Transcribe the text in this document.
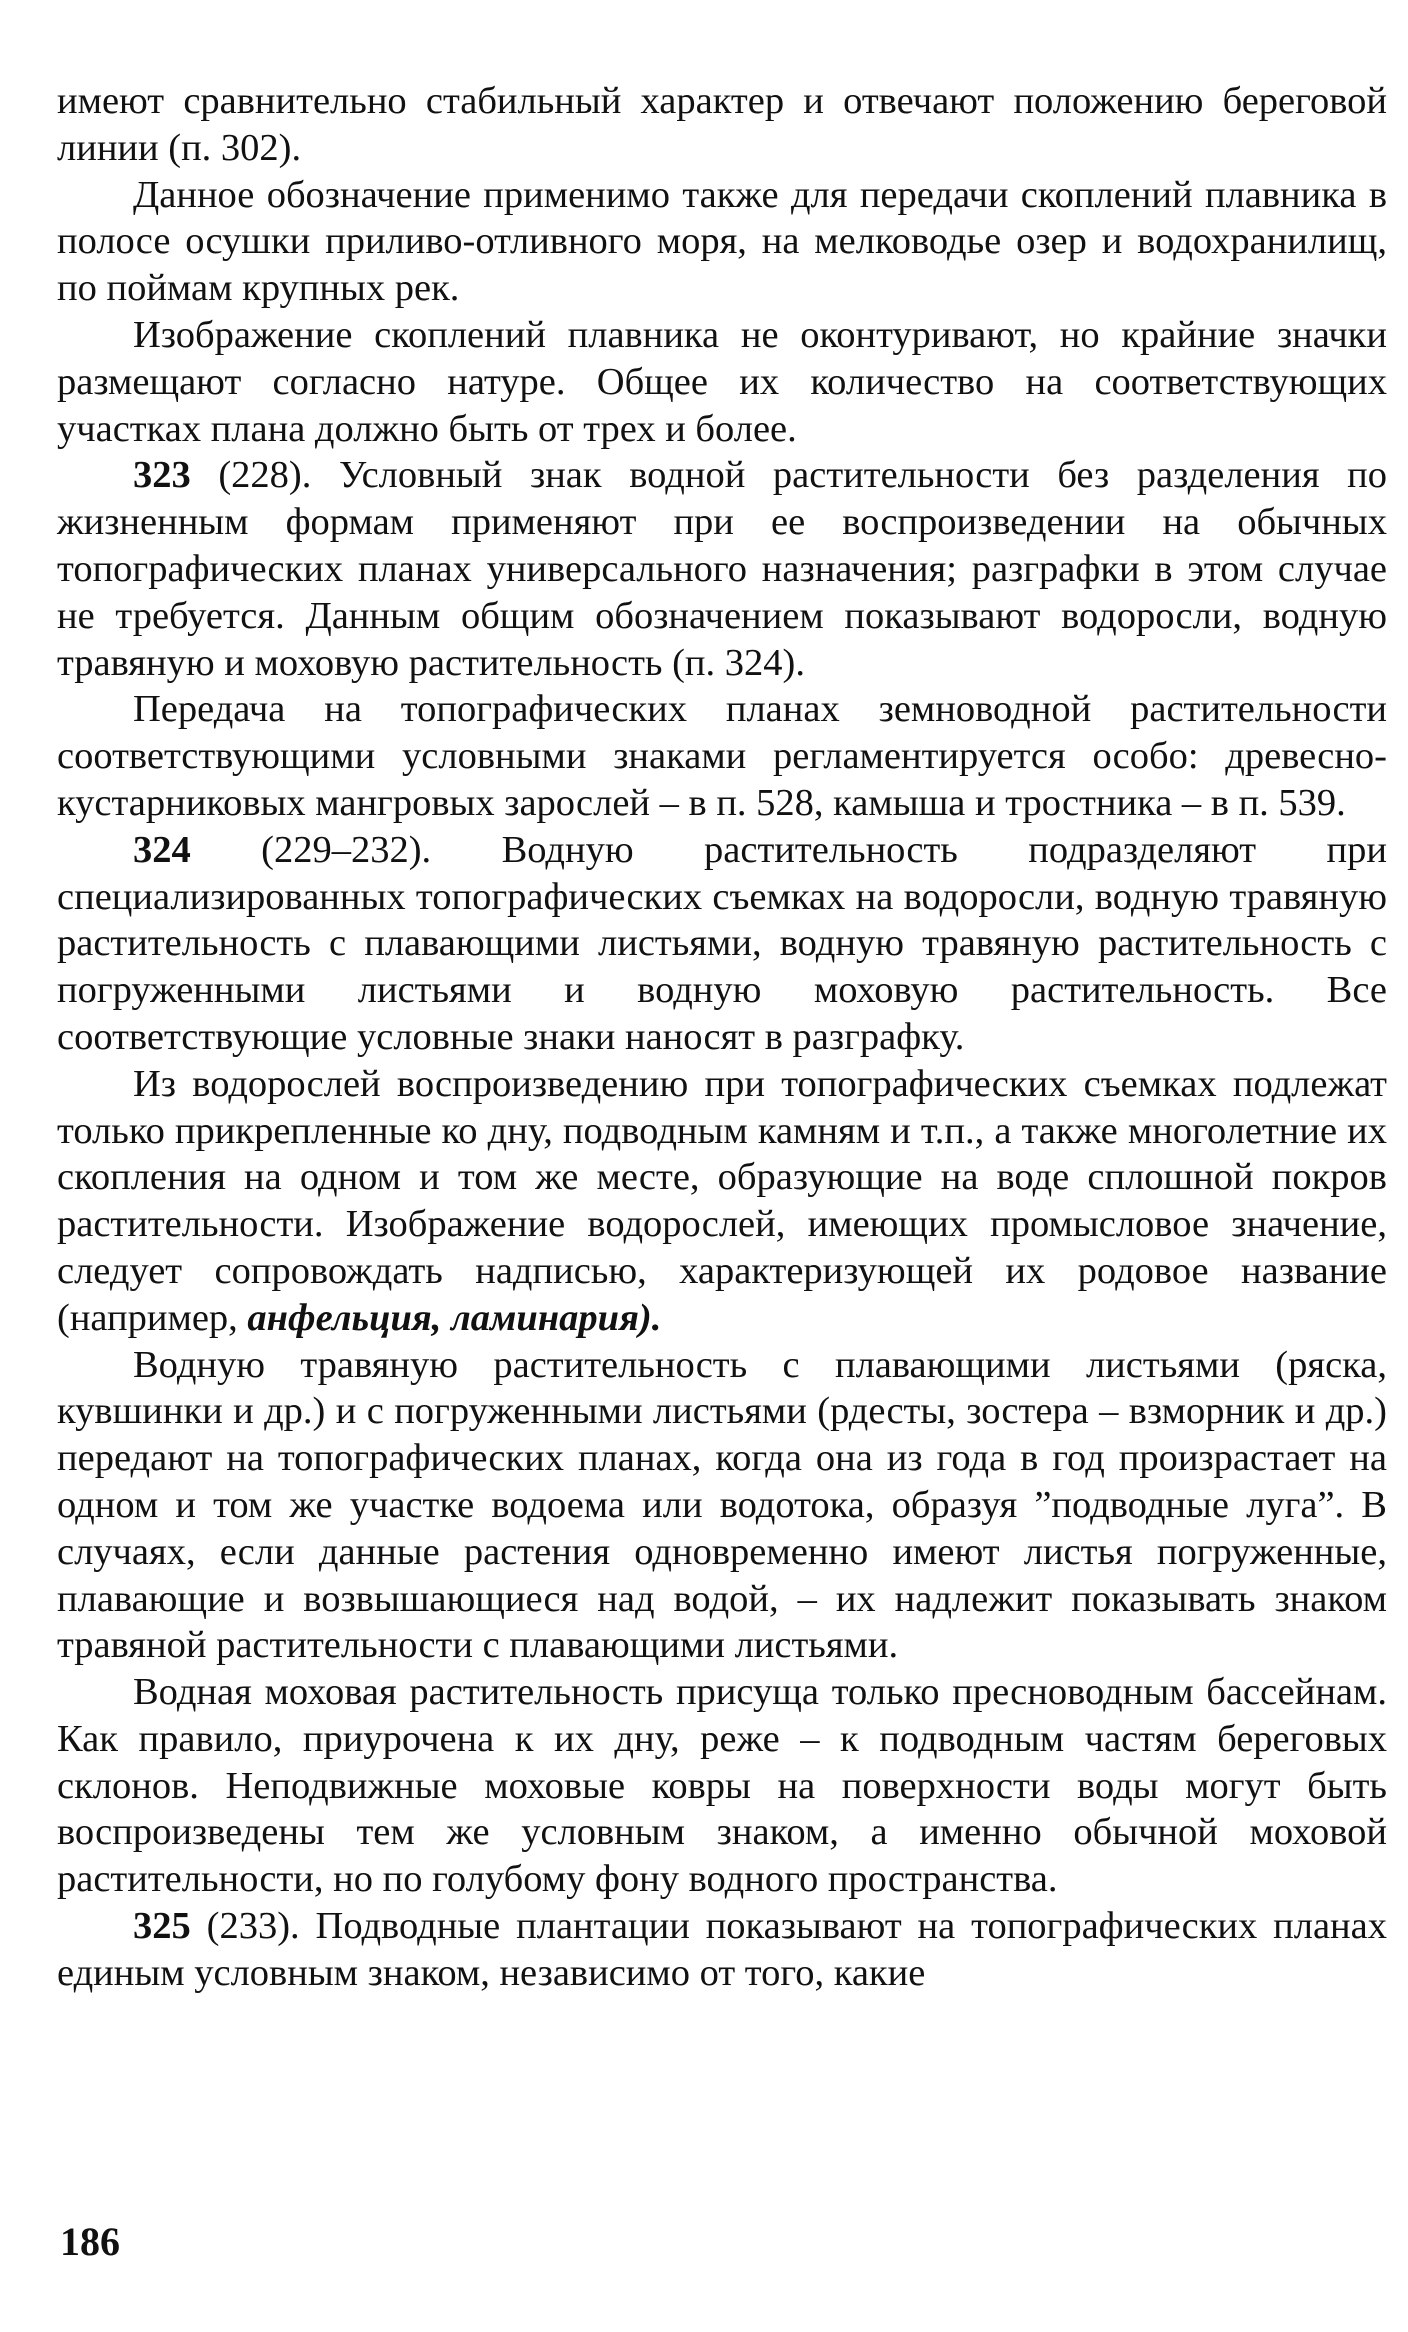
имеют сравнительно стабильный характер и отвечают положению береговой линии (п. 302).

Данное обозначение применимо также для передачи скоплений плавника в полосе осушки приливо-отливного моря, на мелководье озер и водохранилищ, по поймам крупных рек.

Изображение скоплений плавника не оконтуривают, но крайние значки размещают согласно натуре. Общее их количество на соответствующих участках плана должно быть от трех и более.

323 (228). Условный знак водной растительности без разделения по жизненным формам применяют при ее воспроизведении на обычных топографических планах универсального назначения; разграфки в этом случае не требуется. Данным общим обозначением показывают водоросли, водную травяную и моховую растительность (п. 324).

Передача на топографических планах земноводной растительности соответствующими условными знаками регламентируется особо: древесно-кустарниковых мангровых зарослей – в п. 528, камыша и тростника – в п. 539.

324 (229–232). Водную растительность подразделяют при специализированных топографических съемках на водоросли, водную травяную растительность с плавающими листьями, водную травяную растительность с погруженными листьями и водную моховую растительность. Все соответствующие условные знаки наносят в разграфку.

Из водорослей воспроизведению при топографических съемках подлежат только прикрепленные ко дну, подводным камням и т.п., а также многолетние их скопления на одном и том же месте, образующие на воде сплошной покров растительности. Изображение водорослей, имеющих промысловое значение, следует сопровождать надписью, характеризующей их родовое название (например, анфельция, ламинария).

Водную травяную растительность с плавающими листьями (ряска, кувшинки и др.) и с погруженными листьями (рдесты, зостера – взморник и др.) передают на топографических планах, когда она из года в год произрастает на одном и том же участке водоема или водотока, образуя ”подводные луга”. В случаях, если данные растения одновременно имеют листья погруженные, плавающие и возвышающиеся над водой, – их надлежит показывать знаком травяной растительности с плавающими листьями.

Водная моховая растительность присуща только пресноводным бассейнам. Как правило, приурочена к их дну, реже – к подводным частям береговых склонов. Неподвижные моховые ковры на поверхности воды могут быть воспроизведены тем же условным знаком, а именно обычной моховой растительности, но по голубому фону водного пространства.

325 (233). Подводные плантации показывают на топографических планах единым условным знаком, независимо от того, какие

186
